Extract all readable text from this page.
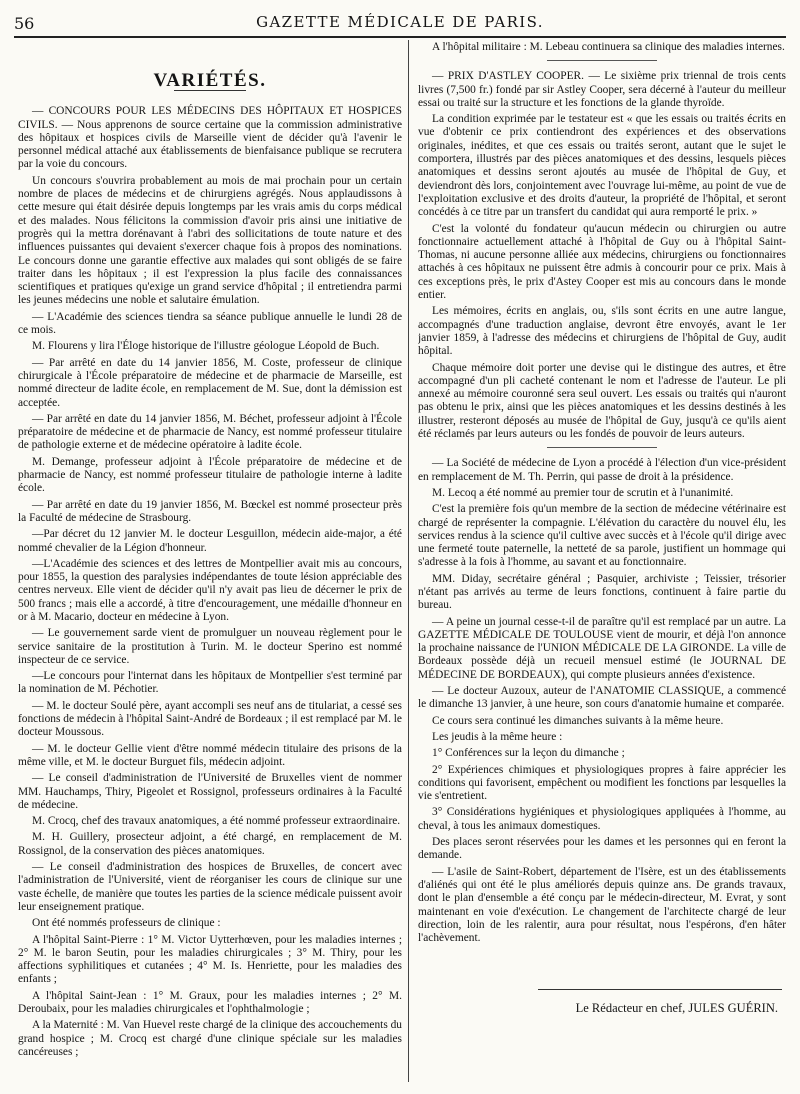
56	GAZETTE MÉDICALE DE PARIS.
VARIÉTÉS.

— CONCOURS POUR LES MÉDECINS DES HÔPITAUX ET HOSPICES CIVILS. — Nous apprenons de source certaine que la commission administrative des hôpitaux et hospices civils de Marseille vient de décider qu'à l'avenir le personnel médical attaché aux établissements de bienfaisance publique se recrutera par la voie du concours.

Un concours s'ouvrira probablement au mois de mai prochain pour un certain nombre de places de médecins et de chirurgiens agrégés. Nous applaudissons à cette mesure qui était désirée depuis longtemps par les vrais amis du corps médical et des malades. Nous félicitons la commission d'avoir pris ainsi une initiative de progrès qui la mettra dorénavant à l'abri des sollicitations de toute nature et des influences puissantes qui devaient s'exercer chaque fois à propos des nominations. Le concours donne une garantie effective aux malades qui sont obligés de se faire traiter dans les hôpitaux ; il est l'expression la plus facile des connaissances scientifiques et pratiques qu'exige un grand service d'hôpital ; il entretiendra parmi les jeunes médecins une noble et salutaire émulation.

— L'Académie des sciences tiendra sa séance publique annuelle le lundi 28 de ce mois.

M. Flourens y lira l'Éloge historique de l'illustre géologue Léopold de Buch.

— Par arrêté en date du 14 janvier 1856, M. Coste, professeur de clinique chirurgicale à l'École préparatoire de médecine et de pharmacie de Marseille, est nommé directeur de ladite école, en remplacement de M. Sue, dont la démission est acceptée.

— Par arrêté en date du 14 janvier 1856, M. Béchet, professeur adjoint à l'École préparatoire de médecine et de pharmacie de Nancy, est nommé professeur titulaire de pathologie externe et de médecine opératoire à ladite école.

M. Demange, professeur adjoint à l'École préparatoire de médecine et de pharmacie de Nancy, est nommé professeur titulaire de pathologie interne à ladite école.

— Par arrêté en date du 19 janvier 1856, M. Bœckel est nommé prosecteur près la Faculté de médecine de Strasbourg.

—Par décret du 12 janvier M. le docteur Lesguillon, médecin aide-major, a été nommé chevalier de la Légion d'honneur.

—L'Académie des sciences et des lettres de Montpellier avait mis au concours, pour 1855, la question des paralysies indépendantes de toute lésion appréciable des centres nerveux. Elle vient de décider qu'il n'y avait pas lieu de décerner le prix de 500 francs ; mais elle a accordé, à titre d'encouragement, une médaille d'honneur en or à M. Macario, docteur en médecine à Lyon.

— Le gouvernement sarde vient de promulguer un nouveau règlement pour le service sanitaire de la prostitution à Turin. M. le docteur Sperino est nommé inspecteur de ce service.

—Le concours pour l'internat dans les hôpitaux de Montpellier s'est terminé par la nomination de M. Péchotier.

— M. le docteur Soulé père, ayant accompli ses neuf ans de titulariat, a cessé ses fonctions de médecin à l'hôpital Saint-André de Bordeaux ; il est remplacé par M. le docteur Moussous.

— M. le docteur Gellie vient d'être nommé médecin titulaire des prisons de la même ville, et M. le docteur Burguet fils, médecin adjoint.

— Le conseil d'administration de l'Université de Bruxelles vient de nommer MM. Hauchamps, Thiry, Pigeolet et Rossignol, professeurs ordinaires à la Faculté de médecine.

M. Crocq, chef des travaux anatomiques, a été nommé professeur extraordinaire.

M. H. Guillery, prosecteur adjoint, a été chargé, en remplacement de M. Rossignol, de la conservation des pièces anatomiques.

— Le conseil d'administration des hospices de Bruxelles, de concert avec l'administration de l'Université, vient de réorganiser les cours de clinique sur une vaste échelle, de manière que toutes les parties de la science médicale puissent avoir leur enseignement pratique.

Ont été nommés professeurs de clinique :

A l'hôpital Saint-Pierre : 1° M. Victor Uytterhœven, pour les maladies internes ; 2° M. le baron Seutin, pour les maladies chirurgicales ; 3° M. Thiry, pour les affections syphilitiques et cutanées ; 4° M. Is. Henriette, pour les maladies des enfants ;

A l'hôpital Saint-Jean : 1° M. Graux, pour les maladies internes ; 2° M. Deroubaix, pour les maladies chirurgicales et l'ophthalmologie ;

A la Maternité : M. Van Huevel reste chargé de la clinique des accouchements du grand hospice ; M. Crocq est chargé d'une clinique spéciale sur les maladies cancéreuses ;

A l'hôpital militaire : M. Lebeau continuera sa clinique des maladies internes.

— PRIX D'ASTLEY COOPER. — Le sixième prix triennal de trois cents livres (7,500 fr.) fondé par sir Astley Cooper, sera décerné à l'auteur du meilleur essai ou traité sur la structure et les fonctions de la glande thyroïde.

La condition exprimée par le testateur est « que les essais ou traités écrits en vue d'obtenir ce prix contiendront des expériences et des observations originales, inédites, et que ces essais ou traités seront, autant que le sujet le comportera, illustrés par des pièces anatomiques et des dessins, lesquels pièces anatomiques et dessins seront ajoutés au musée de l'hôpital de Guy, et deviendront dès lors, conjointement avec l'ouvrage lui-même, au point de vue de l'exploitation exclusive et des droits d'auteur, la propriété de l'hôpital, et seront concédés à ce titre par un transfert du candidat qui aura remporté le prix. »

C'est la volonté du fondateur qu'aucun médecin ou chirurgien ou autre fonctionnaire actuellement attaché à l'hôpital de Guy ou à l'hôpital Saint-Thomas, ni aucune personne alliée aux médecins, chirurgiens ou fonctionnaires attachés à ces hôpitaux ne puissent être admis à concourir pour ce prix. Mais à ces exceptions près, le prix d'Astey Cooper est mis au concours dans le monde entier.

Les mémoires, écrits en anglais, ou, s'ils sont écrits en une autre langue, accompagnés d'une traduction anglaise, devront être envoyés, avant le 1er janvier 1859, à l'adresse des médecins et chirurgiens de l'hôpital de Guy, audit hôpital.

Chaque mémoire doit porter une devise qui le distingue des autres, et être accompagné d'un pli cacheté contenant le nom et l'adresse de l'auteur. Le pli annexé au mémoire couronné sera seul ouvert. Les essais ou traités qui n'auront pas obtenu le prix, ainsi que les pièces anatomiques et les dessins destinés à les illustrer, resteront déposés au musée de l'hôpital de Guy, jusqu'à ce qu'ils aient été réclamés par leurs auteurs ou les fondés de pouvoir de leurs auteurs.

— La Société de médecine de Lyon a procédé à l'élection d'un vice-président en remplacement de M. Th. Perrin, qui passe de droit à la présidence.

M. Lecoq a été nommé au premier tour de scrutin et à l'unanimité.

C'est la première fois qu'un membre de la section de médecine vétérinaire est chargé de représenter la compagnie. L'élévation du caractère du nouvel élu, les services rendus à la science qu'il cultive avec succès et à l'école qu'il dirige avec une fermeté toute paternelle, la netteté de sa parole, justifient un hommage qui s'adresse à la fois à l'homme, au savant et au fonctionnaire.

MM. Diday, secrétaire général ; Pasquier, archiviste ; Teissier, trésorier n'étant pas arrivés au terme de leurs fonctions, continuent à faire partie du bureau.

— A peine un journal cesse-t-il de paraître qu'il est remplacé par un autre. La GAZETTE MÉDICALE DE TOULOUSE vient de mourir, et déjà l'on annonce la prochaine naissance de l'UNION MÉDICALE DE LA GIRONDE. La ville de Bordeaux possède déjà un recueil mensuel estimé (le JOURNAL DE MÉDECINE DE BORDEAUX), qui compte plusieurs années d'existence.

— Le docteur Auzoux, auteur de l'ANATOMIE CLASSIQUE, a commencé le dimanche 13 janvier, à une heure, son cours d'anatomie humaine et comparée.

Ce cours sera continué les dimanches suivants à la même heure.

Les jeudis à la même heure :

1° Conférences sur la leçon du dimanche ;

2° Expériences chimiques et physiologiques propres à faire apprécier les conditions qui favorisent, empêchent ou modifient les fonctions par lesquelles la vie s'entretient.

3° Considérations hygiéniques et physiologiques appliquées à l'homme, au cheval, à tous les animaux domestiques.

Des places seront réservées pour les dames et les personnes qui en feront la demande.

— L'asile de Saint-Robert, département de l'Isère, est un des établissements d'aliénés qui ont été le plus améliorés depuis quinze ans. De grands travaux, dont le plan d'ensemble a été conçu par le médecin-directeur, M. Evrat, y sont maintenant en voie d'exécution. Le changement de l'architecte chargé de leur direction, loin de les ralentir, aura pour résultat, nous l'espérons, d'en hâter l'achèvement.

Le Rédacteur en chef, JULES GUÉRIN.
